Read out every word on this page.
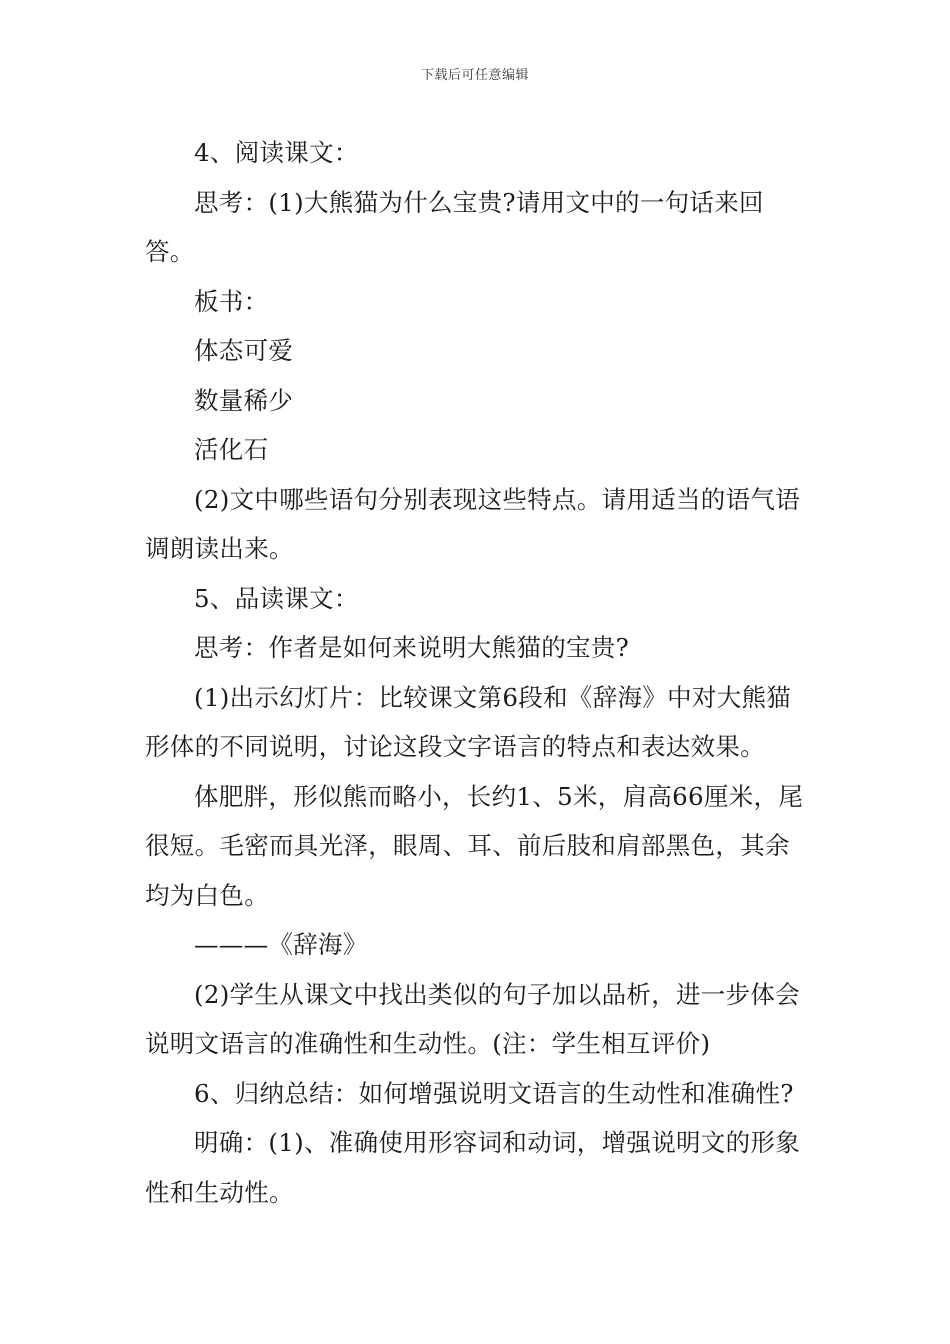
下载后可任意编辑

4、阅读课文：

思考：(1)大熊猫为什么宝贵?请用文中的一句话来回答。

板书：

体态可爱

数量稀少

活化石

(2)文中哪些语句分别表现这些特点。请用适当的语气语调朗读出来。

5、品读课文：

思考：作者是如何来说明大熊猫的宝贵?

(1)出示幻灯片：比较课文第6段和《辞海》中对大熊猫形体的不同说明，讨论这段文字语言的特点和表达效果。

体肥胖，形似熊而略小，长约1、5米，肩高66厘米，尾很短。毛密而具光泽，眼周、耳、前后肢和肩部黑色，其余均为白色。

———《辞海》

(2)学生从课文中找出类似的句子加以品析，进一步体会说明文语言的准确性和生动性。(注：学生相互评价)

6、归纳总结：如何增强说明文语言的生动性和准确性?

明确：(1)、准确使用形容词和动词，增强说明文的形象性和生动性。
